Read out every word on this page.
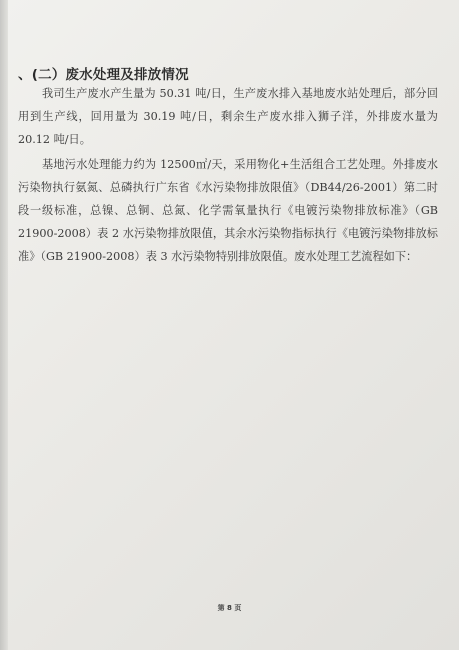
、(二）废水处理及排放情况

我司生产废水产生量为 50.31 吨/日，生产废水排入基地废水站处理后，部分回用到生产线，回用量为 30.19 吨/日，剩余生产废水排入狮子洋，外排废水量为 20.12 吨/日。

基地污水处理能力约为 12500㎡/天，采用物化+生活组合工艺处理。外排废水污染物执行氨氮、总磷执行广东省《水污染物排放限值》（DB44/26-2001）第二时段一级标准，总镍、总铜、总氮、化学需氧量执行《电镀污染物排放标准》（GB 21900-2008）表 2 水污染物排放限值，其余水污染物指标执行《电镀污染物排放标准》（GB 21900-2008）表 3 水污染物特别排放限值。废水处理工艺流程如下：

第 8 页
